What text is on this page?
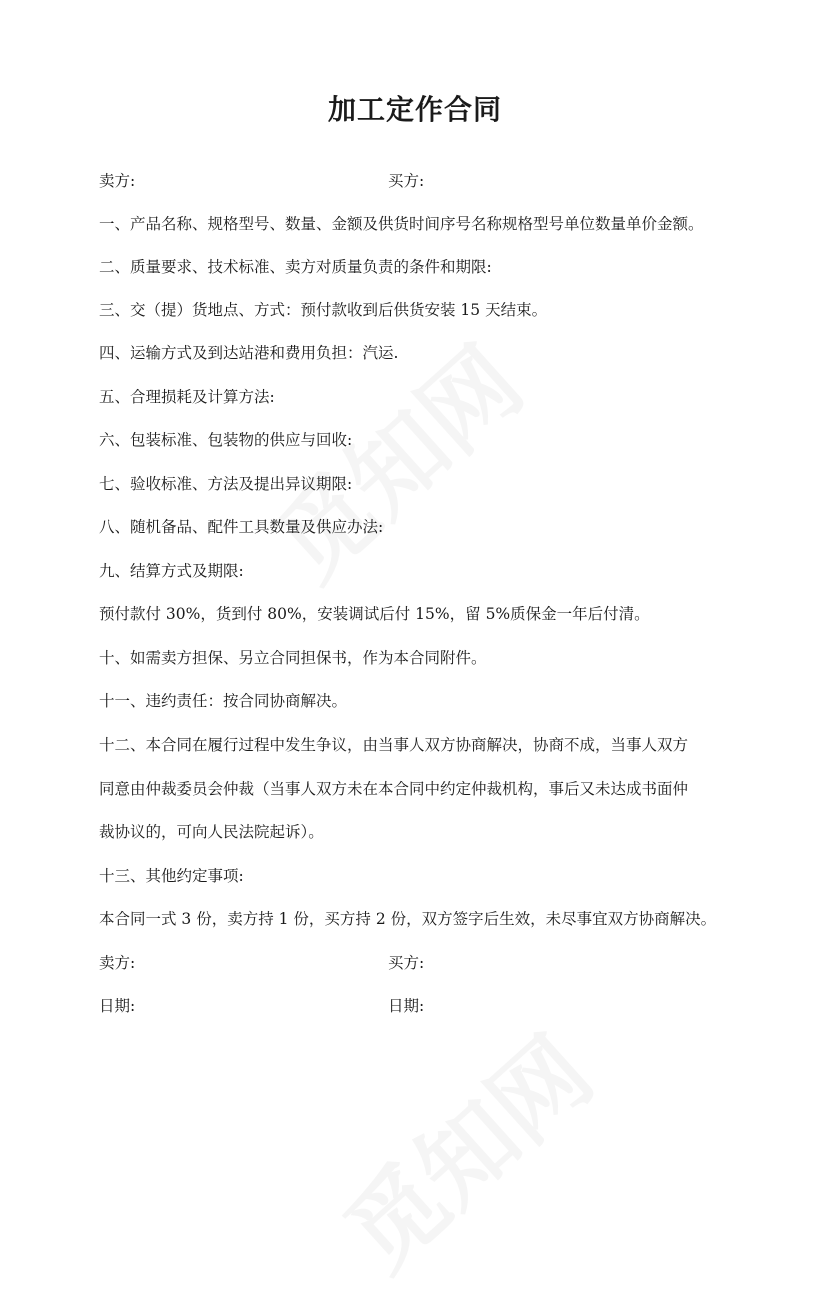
加工定作合同
卖方:	买方:
一、产品名称、规格型号、数量、金额及供货时间序号名称规格型号单位数量单价金额。
二、质量要求、技术标准、卖方对质量负责的条件和期限:
三、交（提）货地点、方式：预付款收到后供货安装 15 天结束。
四、运输方式及到达站港和费用负担：汽运.
五、合理损耗及计算方法:
六、包装标准、包装物的供应与回收:
七、验收标准、方法及提出异议期限:
八、随机备品、配件工具数量及供应办法:
九、结算方式及期限:
预付款付 30%，货到付 80%，安装调试后付 15%，留 5%质保金一年后付清。
十、如需卖方担保、另立合同担保书，作为本合同附件。
十一、违约责任：按合同协商解决。
十二、本合同在履行过程中发生争议，由当事人双方协商解决，协商不成，当事人双方
同意由仲裁委员会仲裁（当事人双方未在本合同中约定仲裁机构，事后又未达成书面仲
裁协议的，可向人民法院起诉）。
十三、其他约定事项:
本合同一式 3 份，卖方持 1 份，买方持 2 份，双方签字后生效，未尽事宜双方协商解决。
卖方:	买方:
日期:	日期:
